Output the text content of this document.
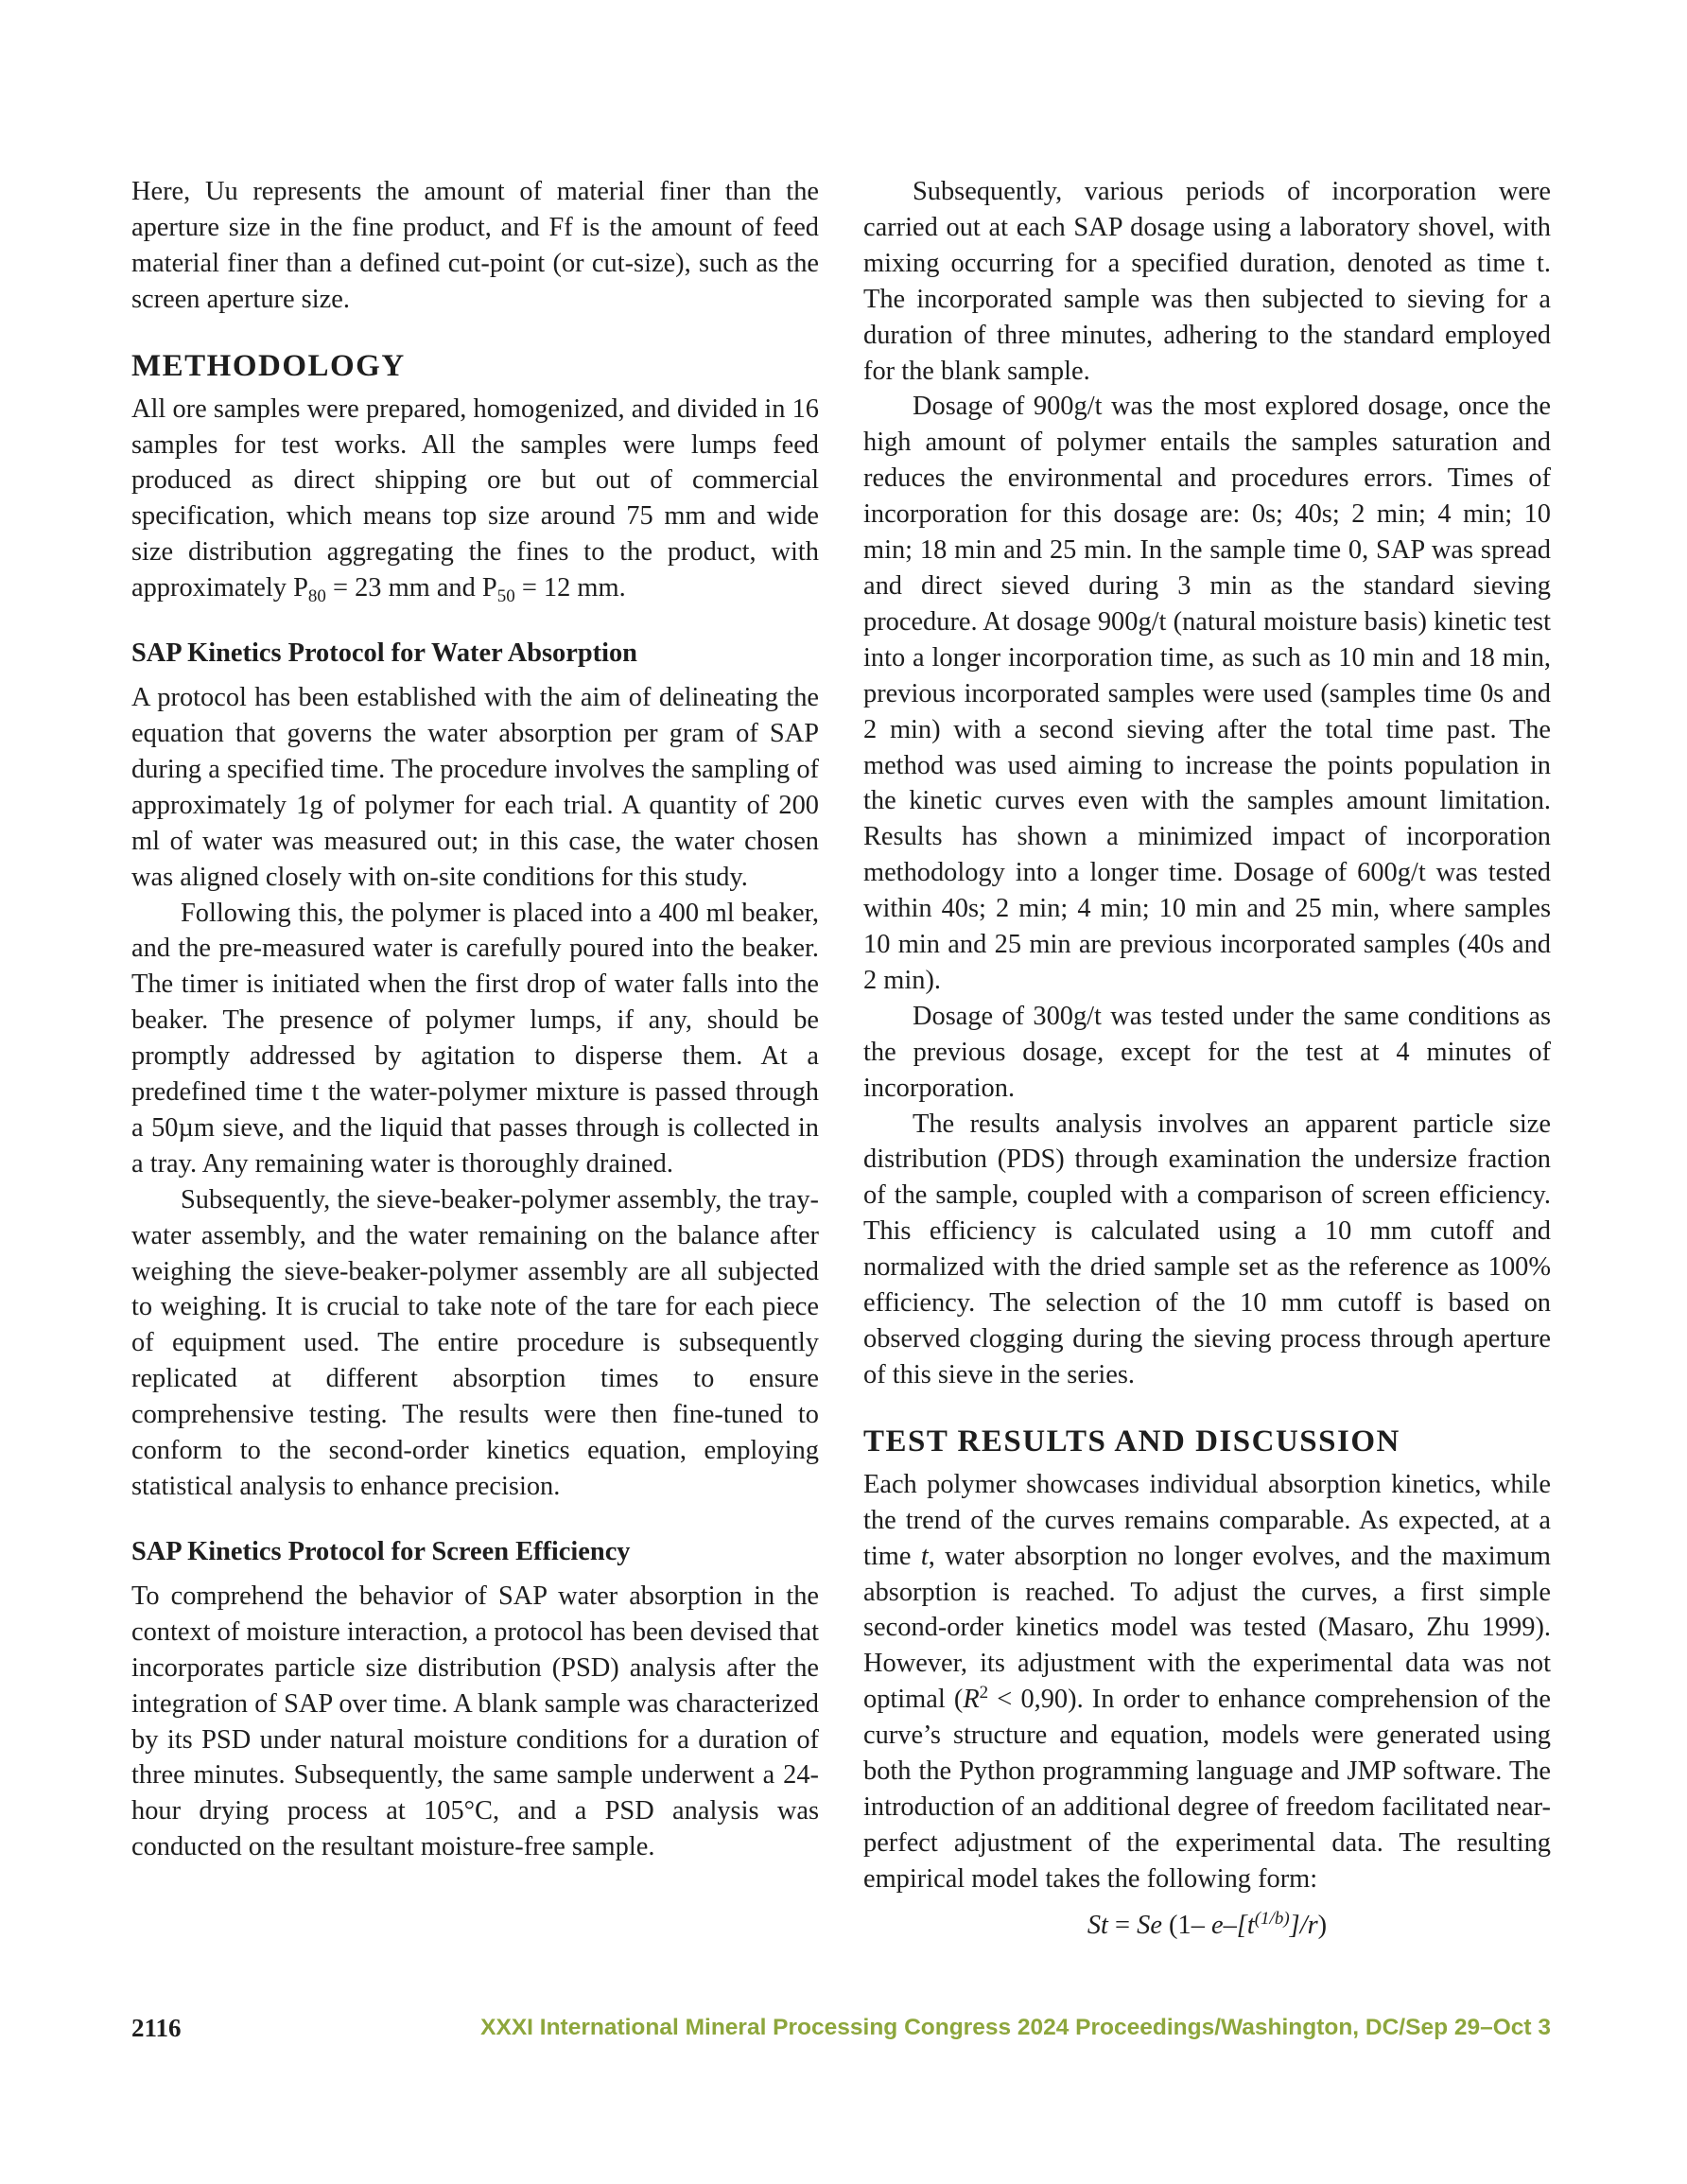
Here, Uu represents the amount of material finer than the aperture size in the fine product, and Ff is the amount of feed material finer than a defined cut-point (or cut-size), such as the screen aperture size.

METHODOLOGY

All ore samples were prepared, homogenized, and divided in 16 samples for test works. All the samples were lumps feed produced as direct shipping ore but out of commercial specification, which means top size around 75 mm and wide size distribution aggregating the fines to the product, with approximately $P_{80} = 23$ mm and $P_{50} = 12$ mm.

SAP Kinetics Protocol for Water Absorption

A protocol has been established with the aim of delineating the equation that governs the water absorption per gram of SAP during a specified time. The procedure involves the sampling of approximately 1g of polymer for each trial. A quantity of 200 ml of water was measured out; in this case, the water chosen was aligned closely with on-site conditions for this study.

Following this, the polymer is placed into a 400 ml beaker, and the pre-measured water is carefully poured into the beaker. The timer is initiated when the first drop of water falls into the beaker. The presence of polymer lumps, if any, should be promptly addressed by agitation to disperse them. At a predefined time t the water-polymer mixture is passed through a 50µm sieve, and the liquid that passes through is collected in a tray. Any remaining water is thoroughly drained.

Subsequently, the sieve-beaker-polymer assembly, the tray-water assembly, and the water remaining on the balance after weighing the sieve-beaker-polymer assembly are all subjected to weighing. It is crucial to take note of the tare for each piece of equipment used. The entire procedure is subsequently replicated at different absorption times to ensure comprehensive testing. The results were then fine-tuned to conform to the second-order kinetics equation, employing statistical analysis to enhance precision.

SAP Kinetics Protocol for Screen Efficiency

To comprehend the behavior of SAP water absorption in the context of moisture interaction, a protocol has been devised that incorporates particle size distribution (PSD) analysis after the integration of SAP over time. A blank sample was characterized by its PSD under natural moisture conditions for a duration of three minutes. Subsequently, the same sample underwent a 24-hour drying process at 105°C, and a PSD analysis was conducted on the resultant moisture-free sample.

Subsequently, various periods of incorporation were carried out at each SAP dosage using a laboratory shovel, with mixing occurring for a specified duration, denoted as time t. The incorporated sample was then subjected to sieving for a duration of three minutes, adhering to the standard employed for the blank sample.

Dosage of 900g/t was the most explored dosage, once the high amount of polymer entails the samples saturation and reduces the environmental and procedures errors. Times of incorporation for this dosage are: 0s; 40s; 2 min; 4 min; 10 min; 18 min and 25 min. In the sample time 0, SAP was spread and direct sieved during 3 min as the standard sieving procedure. At dosage 900g/t (natural moisture basis) kinetic test into a longer incorporation time, as such as 10 min and 18 min, previous incorporated samples were used (samples time 0s and 2 min) with a second sieving after the total time past. The method was used aiming to increase the points population in the kinetic curves even with the samples amount limitation. Results has shown a minimized impact of incorporation methodology into a longer time. Dosage of 600g/t was tested within 40s; 2 min; 4 min; 10 min and 25 min, where samples 10 min and 25 min are previous incorporated samples (40s and 2 min).

Dosage of 300g/t was tested under the same conditions as the previous dosage, except for the test at 4 minutes of incorporation.

The results analysis involves an apparent particle size distribution (PDS) through examination the undersize fraction of the sample, coupled with a comparison of screen efficiency. This efficiency is calculated using a 10 mm cutoff and normalized with the dried sample set as the reference as 100% efficiency. The selection of the 10 mm cutoff is based on observed clogging during the sieving process through aperture of this sieve in the series.

TEST RESULTS AND DISCUSSION

Each polymer showcases individual absorption kinetics, while the trend of the curves remains comparable. As expected, at a time t, water absorption no longer evolves, and the maximum absorption is reached. To adjust the curves, a first simple second-order kinetics model was tested (Masaro, Zhu 1999). However, its adjustment with the experimental data was not optimal $(R^2 < 0,90)$. In order to enhance comprehension of the curve’s structure and equation, models were generated using both the Python programming language and JMP software. The introduction of an additional degree of freedom facilitated near-perfect adjustment of the experimental data. The resulting empirical model takes the following form:

St = Se (1– $e-[t^{(1/b)}]/r$)
2116	XXXI International Mineral Processing Congress 2024 Proceedings/Washington, DC/Sep 29–Oct 3
